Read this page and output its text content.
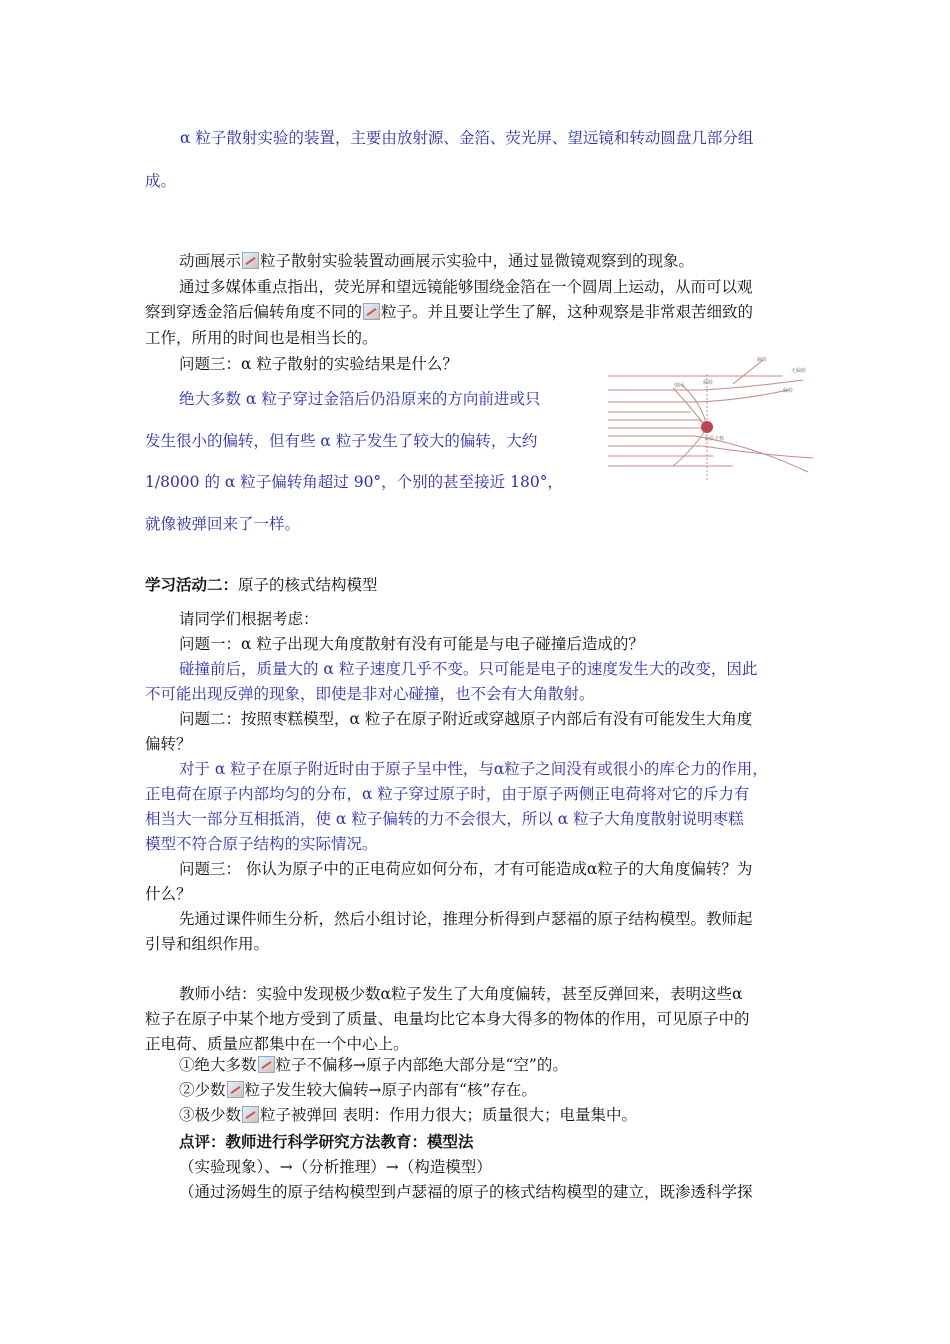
α 粒子散射实验的装置，主要由放射源、金箔、荧光屏、望远镜和转动圆盘几部分组
成。
动画展示 粒子散射实验装置动画展示实验中，通过显微镜观察到的现象。
通过多媒体重点指出，荧光屏和望远镜能够围绕金箔在一个圆周上运动，从而可以观
察到穿透金箔后偏转角度不同的 粒子。并且要让学生了解，这种观察是非常艰苦细致的
工作，所用的时间也是相当长的。
问题三：α 粒子散射的实验结果是什么？
绝大多数 α 粒子穿过金箔后仍沿原来的方向前进或只
发生很小的偏转，但有些 α 粒子发生了较大的偏转，大约
1/8000 的 α 粒子偏转角超过 90°，个别的甚至接近 180°，
就像被弹回来了一样。
偏转
无偏转
弹回	偏转
偏转
金原子核
学习活动二：原子的核式结构模型
请同学们根据考虑：
问题一：α 粒子出现大角度散射有没有可能是与电子碰撞后造成的？
碰撞前后，质量大的 α 粒子速度几乎不变。只可能是电子的速度发生大的改变，因此
不可能出现反弹的现象，即使是非对心碰撞，也不会有大角散射。
问题二：按照枣糕模型，α 粒子在原子附近或穿越原子内部后有没有可能发生大角度
偏转？
对于 α 粒子在原子附近时由于原子呈中性，与α粒子之间没有或很小的库仑力的作用，
正电荷在原子内部均匀的分布，α 粒子穿过原子时，由于原子两侧正电荷将对它的斥力有
相当大一部分互相抵消，使 α 粒子偏转的力不会很大，所以 α 粒子大角度散射说明枣糕
模型不符合原子结构的实际情况。
问题三： 你认为原子中的正电荷应如何分布，才有可能造成α粒子的大角度偏转？为
什么？
先通过课件师生分析，然后小组讨论，推理分析得到卢瑟福的原子结构模型。教师起
引导和组织作用。
教师小结：实验中发现极少数α粒子发生了大角度偏转，甚至反弹回来，表明这些α
粒子在原子中某个地方受到了质量、电量均比它本身大得多的物体的作用，可见原子中的
正电荷、质量应都集中在一个中心上。
①绝大多数 粒子不偏移→原子内部绝大部分是“空”的。
②少数 粒子发生较大偏转→原子内部有“核”存在。
③极少数 粒子被弹回 表明：作用力很大；质量很大；电量集中。
点评：教师进行科学研究方法教育：模型法
（实验现象）、→（分析推理）→（构造模型）
（通过汤姆生的原子结构模型到卢瑟福的原子的核式结构模型的建立，既渗透科学探
